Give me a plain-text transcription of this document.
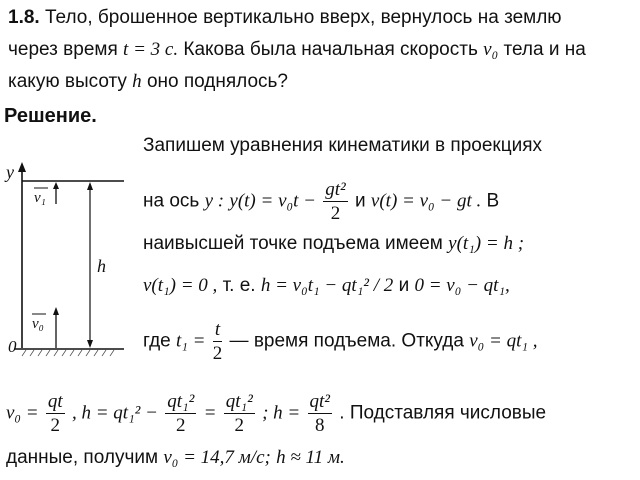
1.8. Тело, брошенное вертикально вверх, вернулось на землю
через время t = 3 с. Какова была начальная скорость v₀ тела и на
какую высоту h оно поднялось?
Решение.
Запишем уравнения кинематики в проекциях
на ось y : $y(t) = v_0t - \frac{\text{gt²}}{2}$ и v(t) = v₀ − gt . В
наивысшей точке подъема имеем y(t₁) = h ;
v(t₁) = 0 , т. е. h = v₀t₁ − qt₁² / 2 и 0 = v₀ − qt₁,
где $t_1 = \frac{t}{2}$ — время подъема. Откуда v₀ = qt₁ ,
$v_0 = \frac{qt}{2}$ , $h = qt_1^2 - \frac{\text{qt₁²}}{2} = \frac{\text{qt₁²}}{2}$ ; $h = \frac{\text{qt²}}{8}$ . Подставляя числовые
данные, получим v₀ = 14,7 м/с; h ≈ 11 м.
y
0
v₁
v₀
h
